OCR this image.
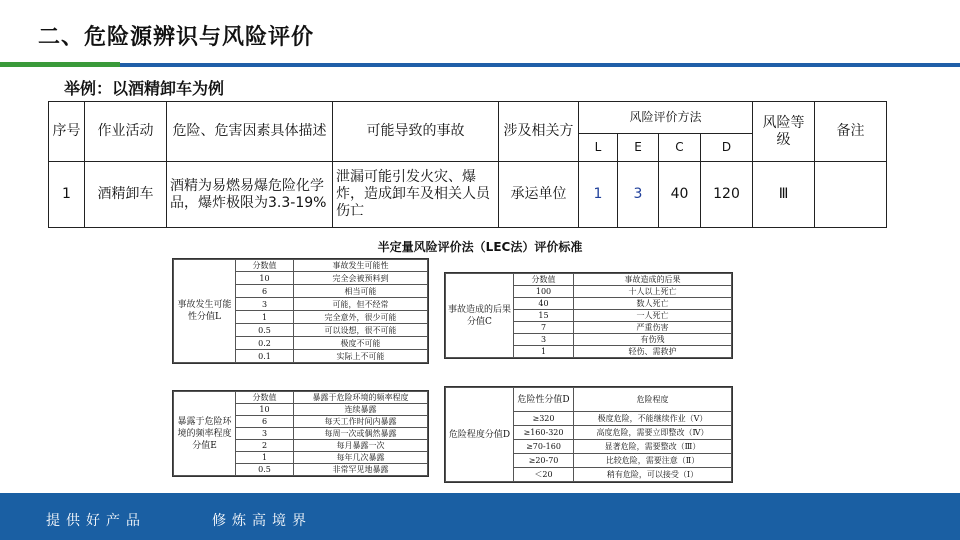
二、危险源辨识与风险评价
举例：以酒精卸车为例
序号	作业活动	危险、危害因素具体描述	可能导致的事故	涉及相关方	风险评价方法				风险等级	备注
					L	E	C	D		
1	酒精卸车	酒精为易燃易爆危险化学品，爆炸极限为3.3-19%	泄漏可能引发火灾、爆炸，造成卸车及相关人员伤亡	承运单位	1	3	40	120	Ⅲ	
半定量风险评价法（LEC法）评价标准
事故发生可能性分值L	分数值	事故发生可能性
	10	完全会被预料到
	6	相当可能
	3	可能，但不经常
	1	完全意外，很少可能
	0.5	可以设想，很不可能
	0.2	极度不可能
	0.1	实际上不可能
暴露于危险环境的频率程度分值E	分数值	暴露于危险环境的频率程度
	10	连续暴露
	6	每天工作时间内暴露
	3	每周一次或偶然暴露
	2	每月暴露一次
	1	每年几次暴露
	0.5	非常罕见地暴露
事故造成的后果分值C	分数值	事故造成的后果
	100	十人以上死亡
	40	数人死亡
	15	一人死亡
	7	严重伤害
	3	有伤残
	1	轻伤、需救护
危险程度分值D	危险性分值D	危险程度
	≥320	极度危险，不能继续作业（Ⅴ）
	≥160-320	高度危险，需要立即整改（Ⅳ）
	≥70-160	显著危险，需要整改（Ⅲ）
	≥20-70	比较危险，需要注意（Ⅱ）
	＜20	稍有危险，可以接受（Ⅰ）
提供好产品	修炼高境界
